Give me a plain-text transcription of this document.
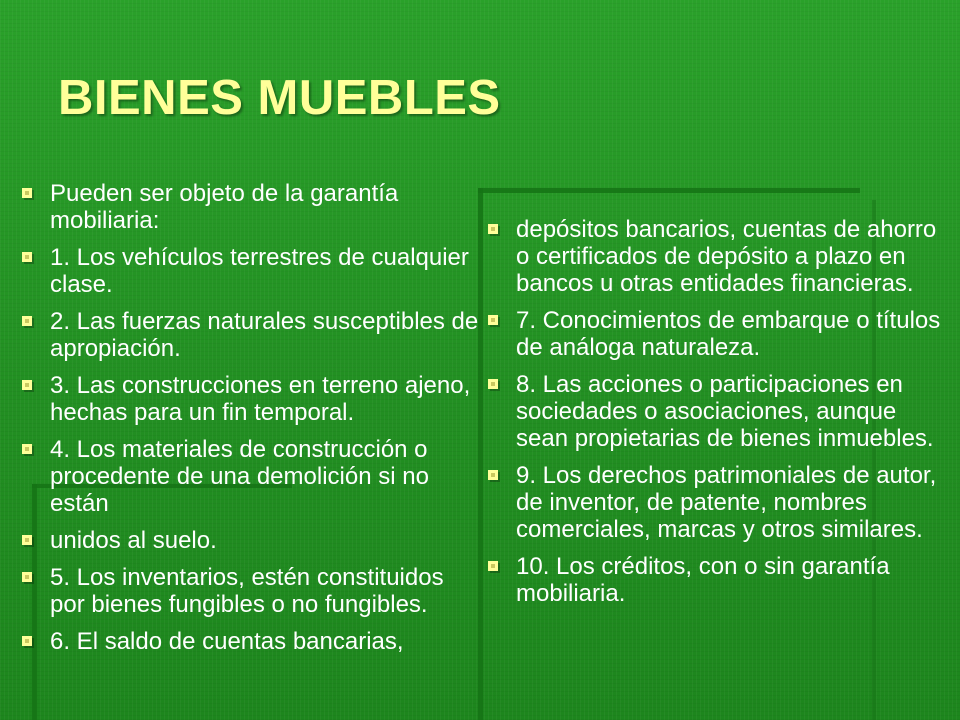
BIENES MUEBLES
Pueden ser objeto de la garantía mobiliaria:
1. Los vehículos terrestres de cualquier clase.
2. Las fuerzas naturales susceptibles de apropiación.
3. Las construcciones en terreno ajeno, hechas para un fin temporal.
4. Los materiales de construcción o procedente de una demolición si no están
unidos al suelo.
5. Los inventarios, estén constituidos por bienes fungibles o no fungibles.
6. El saldo de cuentas bancarias,
depósitos bancarios, cuentas de ahorro o certificados de depósito a plazo en bancos u otras entidades financieras.
7. Conocimientos de embarque o títulos de análoga naturaleza.
8. Las acciones o participaciones en sociedades o asociaciones, aunque sean propietarias de bienes inmuebles.
9. Los derechos patrimoniales de autor, de inventor, de patente, nombres comerciales, marcas y otros similares.
10. Los créditos, con o sin garantía mobiliaria.
